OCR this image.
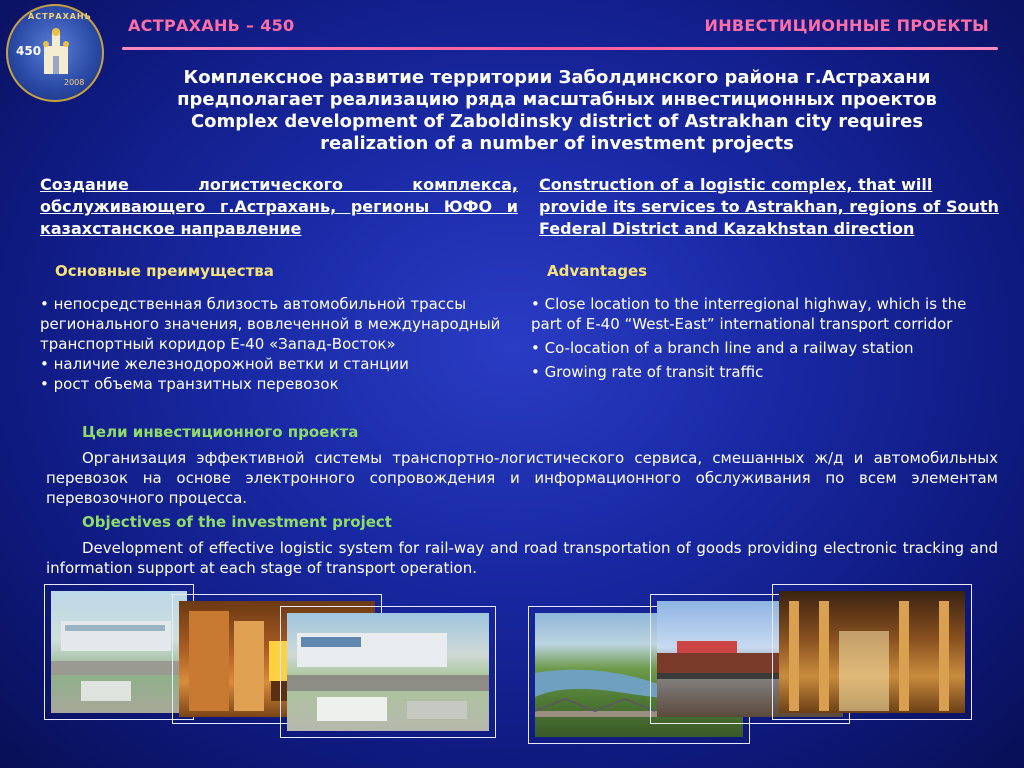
АСТРАХАНЬ
450
2008
АСТРАХАНЬ – 450	ИНВЕСТИЦИОННЫЕ ПРОЕКТЫ
Комплексное развитие территории Заболдинского района г.Астрахани
предполагает реализацию ряда масштабных инвестиционных проектов
Complex development of Zaboldinsky district of Astrakhan city requires
realization of a number of investment projects
Создание логистического комплекса, обслуживающего г.Астрахань, регионы ЮФО и казахстанское направление
Construction of a logistic complex, that will provide its services to Astrakhan, regions of South Federal District and Kazakhstan direction
Основные преимущества	Advantages
• непосредственная близость автомобильной трассы регионального значения, вовлеченной в международный транспортный коридор Е-40 «Запад-Восток»
• наличие железнодорожной ветки и станции
• рост объема транзитных перевозок
• Close location to the interregional highway, which is the part of E-40 “West-East” international transport corridor
• Co-location of a branch line and a railway station
• Growing rate of transit traffic
Цели инвестиционного проекта
Организация эффективной системы транспортно-логистического сервиса, смешанных ж/д и автомобильных перевозок на основе электронного сопровождения и информационного обслуживания по всем элементам перевозочного процесса.
Objectives of the investment project
Development of effective logistic system for rail-way and road transportation of goods providing electronic tracking and information support at each stage of transport operation.
